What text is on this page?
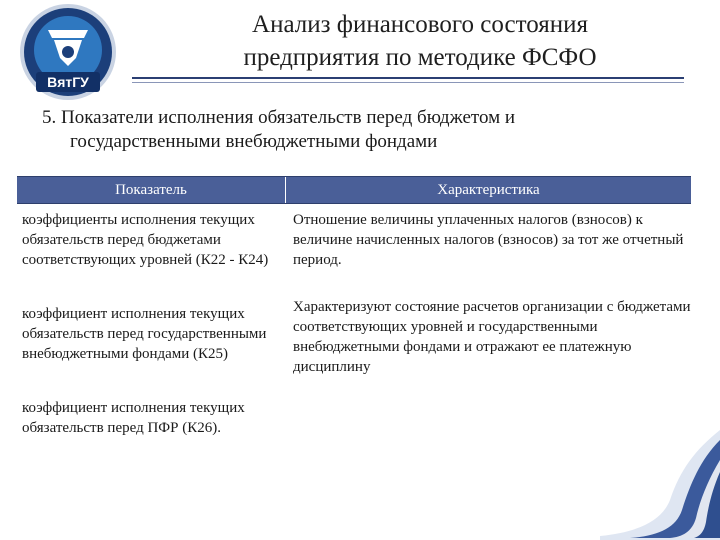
ВятГУ
Анализ финансового состояния
предприятия по методике ФСФО
5. Показатели исполнения обязательств перед бюджетом и
государственными внебюджетными фондами
Показатель	Характеристика
коэффициенты исполнения текущих обязательств перед бюджетами соответствующих уровней (К22 - К24)
Отношение величины уплаченных налогов (взносов) к величине начисленных налогов (взносов) за тот же отчетный период.
коэффициент исполнения текущих обязательств перед государственными внебюджетными фондами (К25)
Характеризуют состояние расчетов организации с бюджетами соответствующих уровней и государственными внебюджетными фондами и отражают ее платежную дисциплину
коэффициент исполнения текущих обязательств перед ПФР (К26).
